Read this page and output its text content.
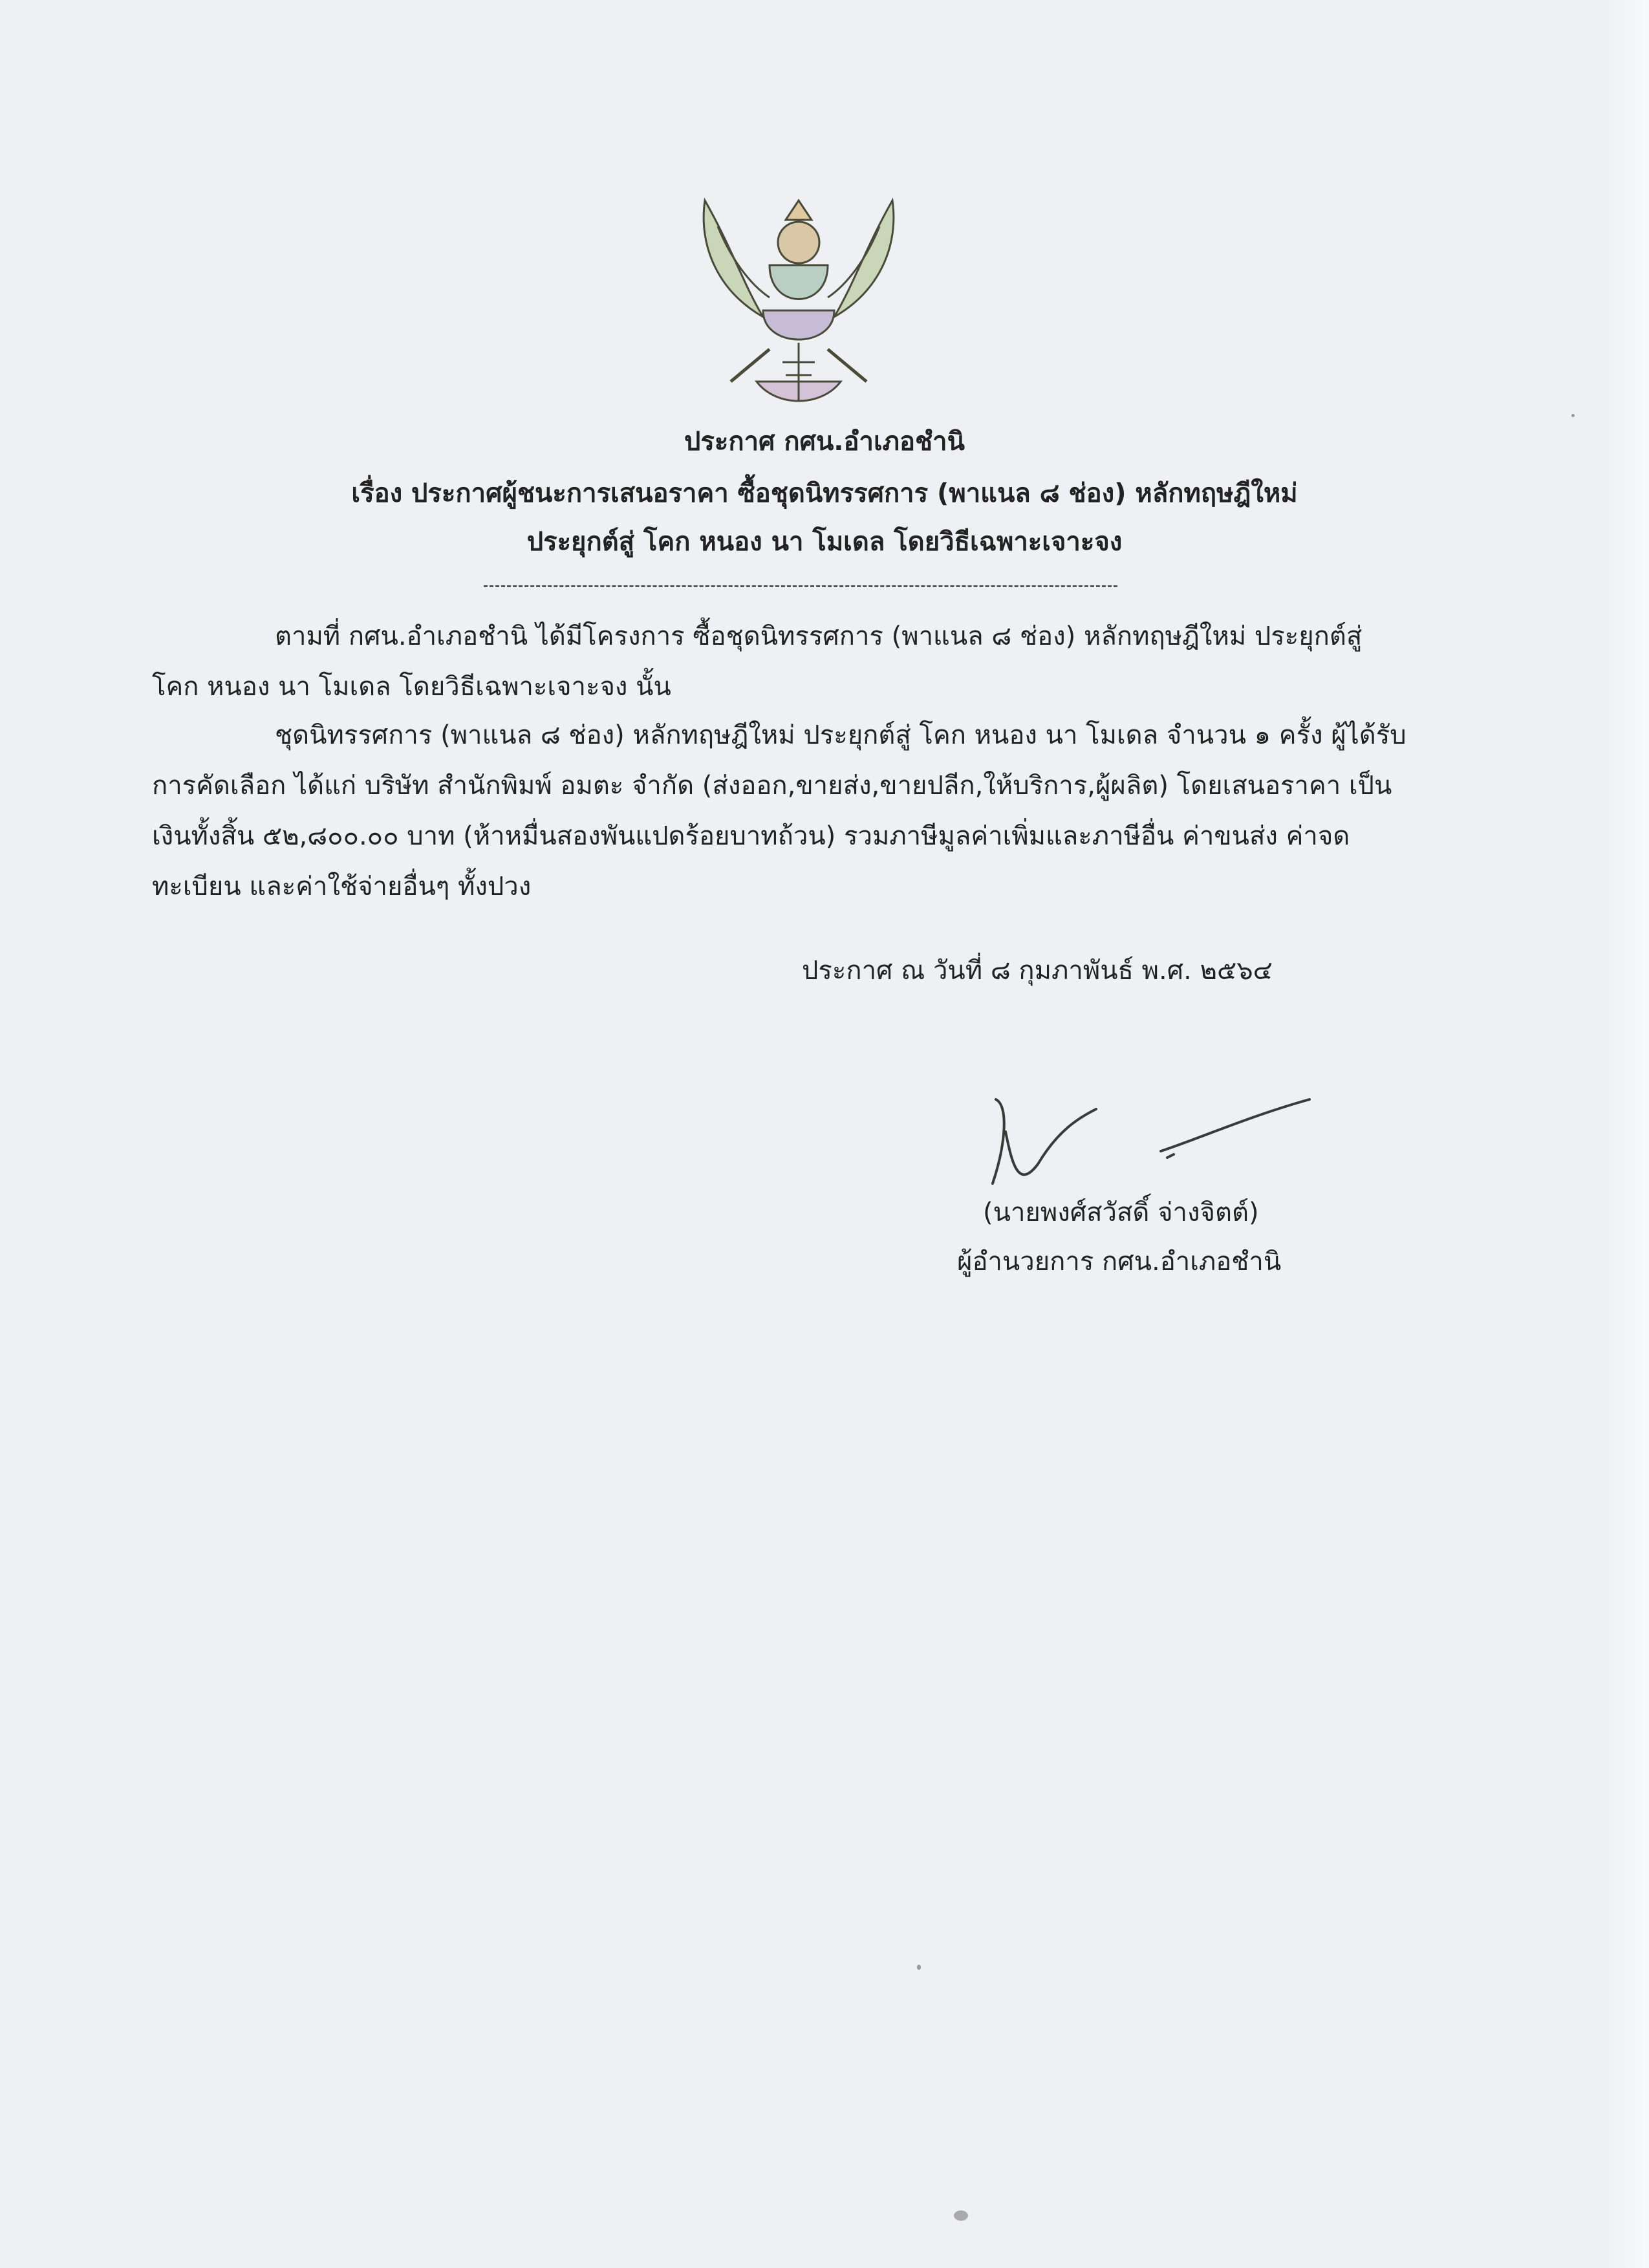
ประกาศ กศน.อำเภอชำนิ
เรื่อง ประกาศผู้ชนะการเสนอราคา ซื้อชุดนิทรรศการ (พาแนล ๘ ช่อง) หลักทฤษฎีใหม่
ประยุกต์สู่ โคก หนอง นา โมเดล โดยวิธีเฉพาะเจาะจง
ตามที่ กศน.อำเภอชำนิ ได้มีโครงการ ซื้อชุดนิทรรศการ (พาแนล ๘ ช่อง) หลักทฤษฎีใหม่ ประยุกต์สู่
โคก หนอง นา โมเดล โดยวิธีเฉพาะเจาะจง นั้น
ชุดนิทรรศการ (พาแนล ๘ ช่อง) หลักทฤษฎีใหม่ ประยุกต์สู่ โคก หนอง นา โมเดล จำนวน ๑ ครั้ง ผู้ได้รับ
การคัดเลือก ได้แก่ บริษัท สำนักพิมพ์ อมตะ จำกัด (ส่งออก,ขายส่ง,ขายปลีก,ให้บริการ,ผู้ผลิต) โดยเสนอราคา เป็น
เงินทั้งสิ้น ๕๒,๘๐๐.๐๐ บาท (ห้าหมื่นสองพันแปดร้อยบาทถ้วน) รวมภาษีมูลค่าเพิ่มและภาษีอื่น ค่าขนส่ง ค่าจด
ทะเบียน และค่าใช้จ่ายอื่นๆ ทั้งปวง
ประกาศ ณ วันที่ ๘ กุมภาพันธ์ พ.ศ. ๒๕๖๔
(นายพงศ์สวัสดิ์ จ่างจิตต์)
ผู้อำนวยการ กศน.อำเภอชำนิ
